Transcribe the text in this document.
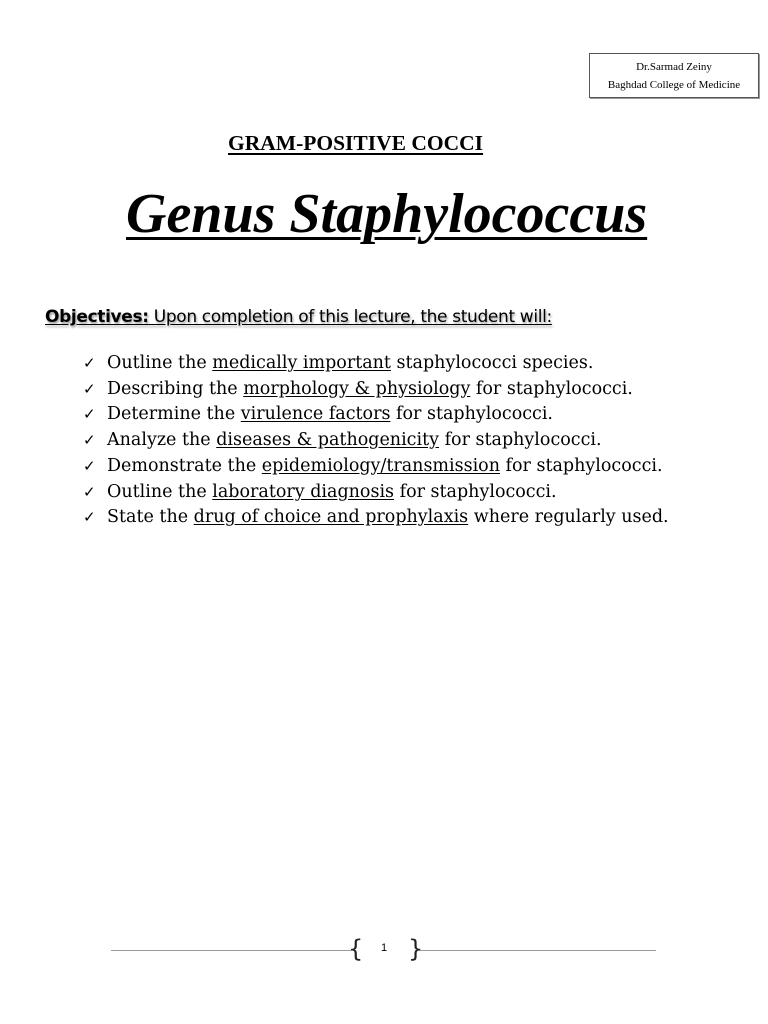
Dr.Sarmad Zeiny
Baghdad College of Medicine
GRAM-POSITIVE COCCI
Genus Staphylococcus
Objectives: Upon completion of this lecture, the student will:
✓ Outline the medically important staphylococci species.
✓ Describing the morphology & physiology for staphylococci.
✓ Determine the virulence factors for staphylococci.
✓ Analyze the diseases & pathogenicity for staphylococci.
✓ Demonstrate the epidemiology/transmission for staphylococci.
✓ Outline the laboratory diagnosis for staphylococci.
✓ State the drug of choice and prophylaxis where regularly used.
{ }
1
